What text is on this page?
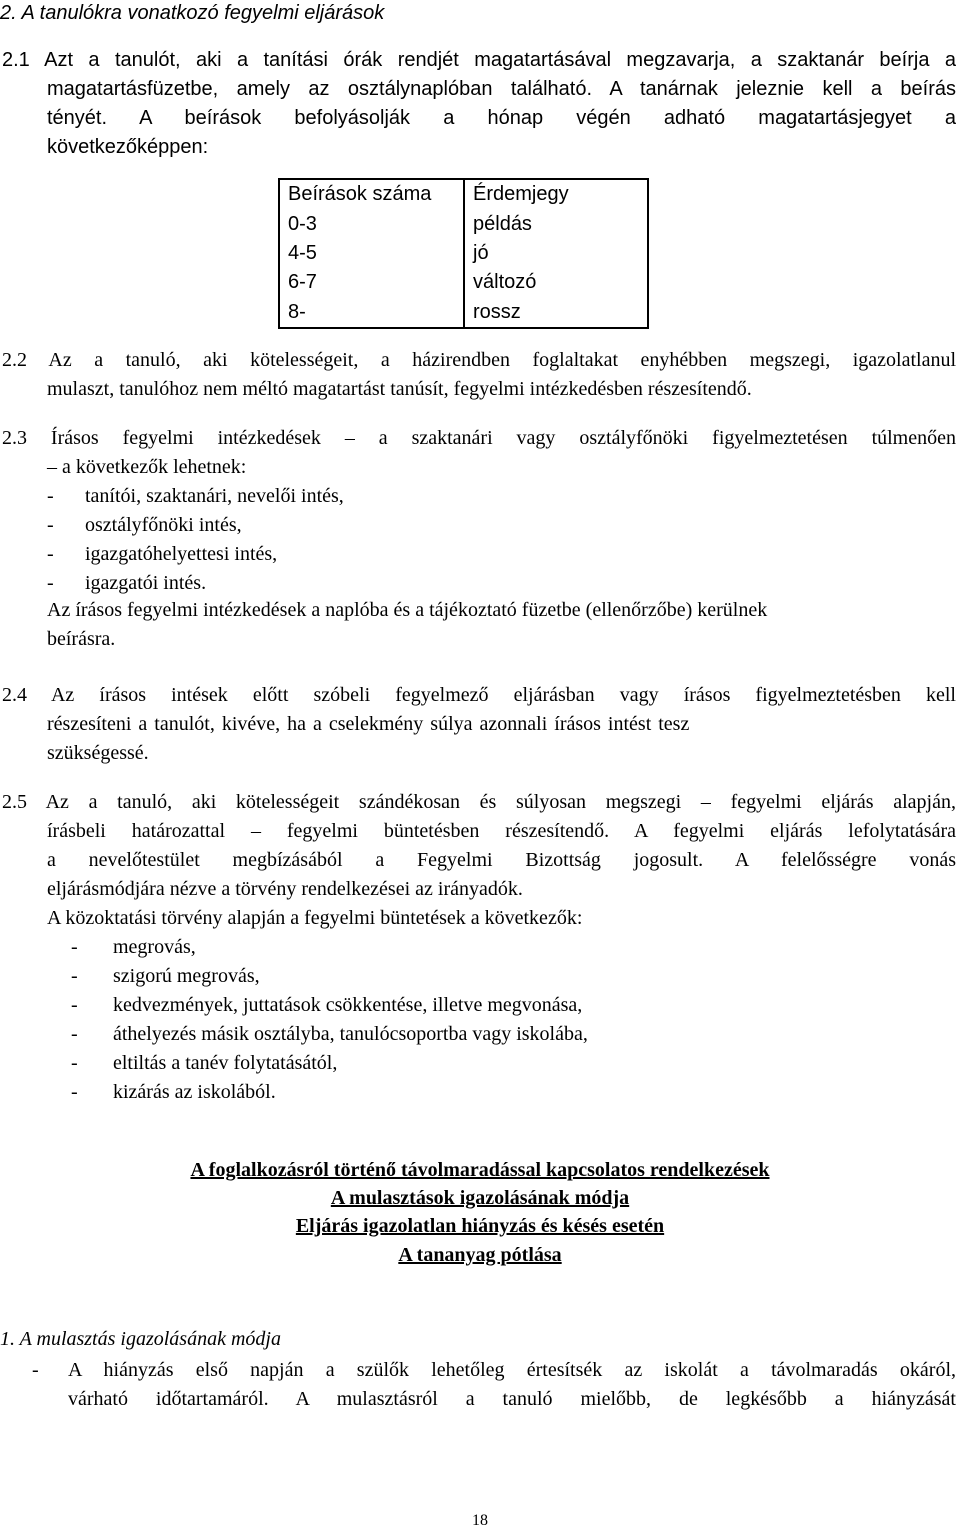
2. A tanulókra vonatkozó fegyelmi eljárások
2.1 Azt a tanulót, aki a tanítási órák rendjét magatartásával megzavarja, a szaktanár beírja a
magatartásfüzetbe, amely az osztálynaplóban található. A tanárnak jeleznie kell a beírás
tényét. A beírások befolyásolják a hónap végén adható magatartásjegyet a
következőképpen:
Beírások száma	Érdemjegy
0-3	példás
4-5	jó
6-7	változó
8-	rossz
2.2 Az a tanuló, aki kötelességeit, a házirendben foglaltakat enyhébben megszegi, igazolatlanul
mulaszt, tanulóhoz nem méltó magatartást tanúsít, fegyelmi intézkedésben részesítendő.
2.3 Írásos fegyelmi intézkedések – a szaktanári vagy osztályfőnöki figyelmeztetésen túlmenően
– a következők lehetnek:
- tanítói, szaktanári, nevelői intés,
- osztályfőnöki intés,
- igazgatóhelyettesi intés,
- igazgatói intés.
Az írásos fegyelmi intézkedések a naplóba és a tájékoztató füzetbe (ellenőrzőbe) kerülnek
beírásra.
2.4 Az írásos intések előtt szóbeli fegyelmező eljárásban vagy írásos figyelmeztetésben kell
részesíteni a tanulót, kivéve, ha a cselekmény súlya azonnali írásos intést tesz
szükségessé.
2.5 Az a tanuló, aki kötelességeit szándékosan és súlyosan megszegi – fegyelmi eljárás alapján,
írásbeli határozattal – fegyelmi büntetésben részesítendő. A fegyelmi eljárás lefolytatására
a nevelőtestület megbízásából a Fegyelmi Bizottság jogosult. A felelősségre vonás
eljárásmódjára nézve a törvény rendelkezései az irányadók.
A közoktatási törvény alapján a fegyelmi büntetések a következők:
- megrovás,
- szigorú megrovás,
- kedvezmények, juttatások csökkentése, illetve megvonása,
- áthelyezés másik osztályba, tanulócsoportba vagy iskolába,
- eltiltás a tanév folytatásától,
- kizárás az iskolából.
A foglalkozásról történő távolmaradással kapcsolatos rendelkezések
A mulasztások igazolásának módja
Eljárás igazolatlan hiányzás és késés esetén
A tananyag pótlása
1. A mulasztás igazolásának módja
- A hiányzás első napján a szülők lehetőleg értesítsék az iskolát a távolmaradás okáról,
várható időtartamáról. A mulasztásról a tanuló mielőbb, de legkésőbb a hiányzását
18
